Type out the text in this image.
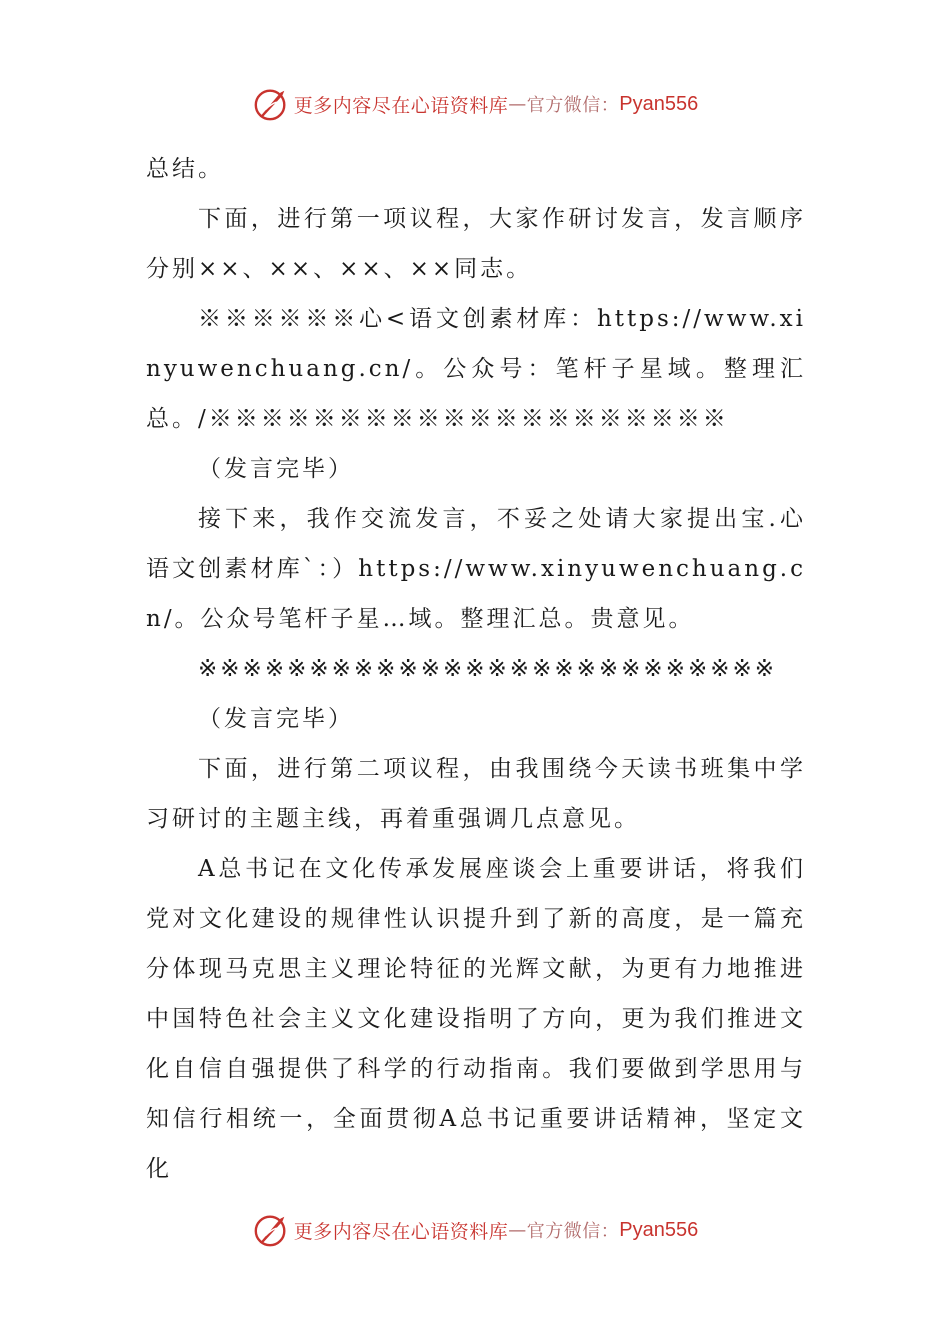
更多内容尽在心语资料库 — 官方微信： Pyan556

总结。

下面，进行第一项议程，大家作研讨发言，发言顺序分别××、××、××、××同志。

※※※※※※心<语文创素材库：https://www.xinyuwenchuang.cn/。公众号：笔杆子星域。整理汇总。/※※※※※※※※※※※※※※※※※※※※

（发言完毕）

接下来，我作交流发言，不妥之处请大家提出宝.心语文创素材库`：）https://www.xinyuwenchuang.cn/。公众号笔杆子星…域。整理汇总。贵意见。

※※※※※※※※※※※※※※※※※※※※※※※※※※

（发言完毕）

下面，进行第二项议程，由我围绕今天读书班集中学习研讨的主题主线，再着重强调几点意见。

A总书记在文化传承发展座谈会上重要讲话，将我们党对文化建设的规律性认识提升到了新的高度，是一篇充分体现马克思主义理论特征的光辉文献，为更有力地推进中国特色社会主义文化建设指明了方向，更为我们推进文化自信自强提供了科学的行动指南。我们要做到学思用与知信行相统一，全面贯彻A总书记重要讲话精神，坚定文化

更多内容尽在心语资料库 — 官方微信： Pyan556
